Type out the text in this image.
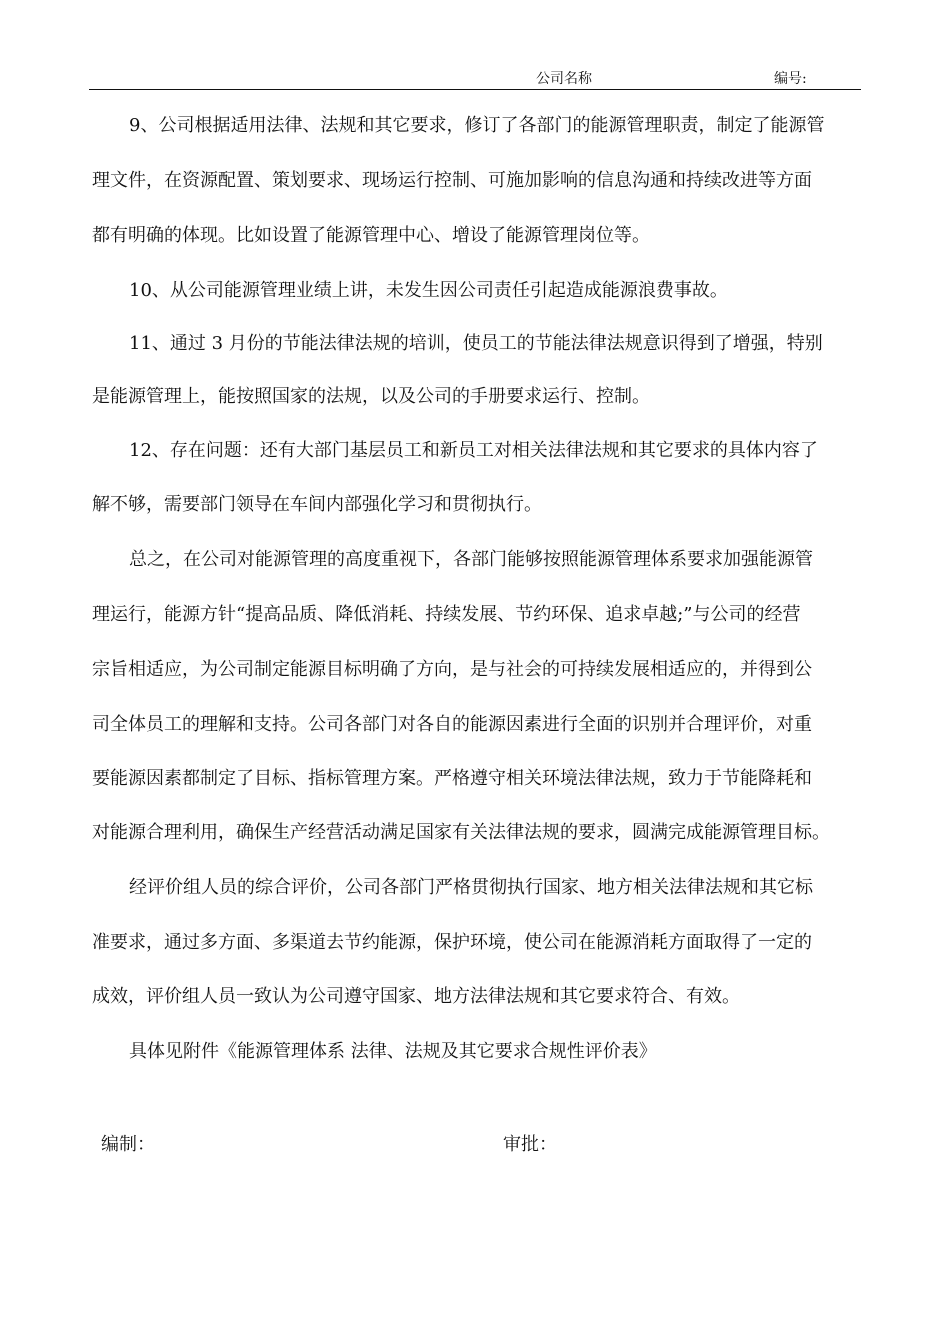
公司名称	编号:
9、公司根据适用法律、法规和其它要求，修订了各部门的能源管理职责，制定了能源管
理文件，在资源配置、策划要求、现场运行控制、可施加影响的信息沟通和持续改进等方面
都有明确的体现。比如设置了能源管理中心、增设了能源管理岗位等。
10、从公司能源管理业绩上讲，未发生因公司责任引起造成能源浪费事故。
11、通过 3 月份的节能法律法规的培训，使员工的节能法律法规意识得到了增强，特别
是能源管理上，能按照国家的法规，以及公司的手册要求运行、控制。
12、存在问题：还有大部门基层员工和新员工对相关法律法规和其它要求的具体内容了
解不够，需要部门领导在车间内部强化学习和贯彻执行。
总之，在公司对能源管理的高度重视下，各部门能够按照能源管理体系要求加强能源管
理运行，能源方针“提高品质、降低消耗、持续发展、节约环保、追求卓越;”与公司的经营
宗旨相适应，为公司制定能源目标明确了方向，是与社会的可持续发展相适应的，并得到公
司全体员工的理解和支持。公司各部门对各自的能源因素进行全面的识别并合理评价，对重
要能源因素都制定了目标、指标管理方案。严格遵守相关环境法律法规，致力于节能降耗和
对能源合理利用，确保生产经营活动满足国家有关法律法规的要求，圆满完成能源管理目标。
经评价组人员的综合评价，公司各部门严格贯彻执行国家、地方相关法律法规和其它标
准要求，通过多方面、多渠道去节约能源，保护环境，使公司在能源消耗方面取得了一定的
成效，评价组人员一致认为公司遵守国家、地方法律法规和其它要求符合、有效。
具体见附件《能源管理体系 法律、法规及其它要求合规性评价表》
编制：	审批：
